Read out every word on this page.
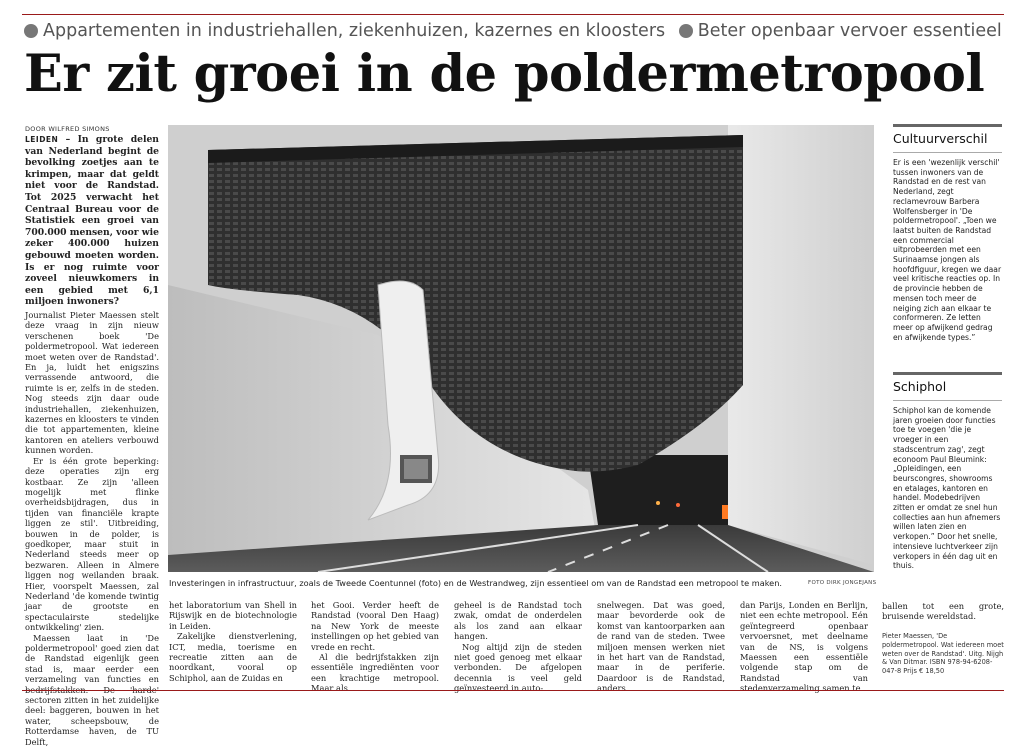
Appartementen in industriehallen, ziekenhuizen, kazernes en kloosters Beter openbaar vervoer essentieel
Er zit groei in de poldermetropool
DOOR WILFRED SIMONS
LEIDEN – In grote delen van Nederland begint de bevolking zoetjes aan te krimpen, maar dat geldt niet voor de Randstad. Tot 2025 verwacht het Centraal Bureau voor de Statistiek een groei van 700.000 mensen, voor wie zeker 400.000 huizen gebouwd moeten worden. Is er nog ruimte voor zoveel nieuwkomers in een gebied met 6,1 miljoen inwoners?

Journalist Pieter Maessen stelt deze vraag in zijn nieuw verschenen boek 'De poldermetropool. Wat iedereen moet weten over de Randstad'. En ja, luidt het enigszins verrassende antwoord, die ruimte is er, zelfs in de steden. Nog steeds zijn daar oude industriehallen, ziekenhuizen, kazernes en kloosters te vinden die tot appartementen, kleine kantoren en ateliers verbouwd kunnen worden.

Er is één grote beperking: deze operaties zijn erg kostbaar. Ze zijn 'alleen mogelijk met flinke overheidsbijdragen, dus in tijden van financiële krapte liggen ze stil'. Uitbreiding, bouwen in de polder, is goedkoper, maar stuit in Nederland steeds meer op bezwaren. Alleen in Almere liggen nog weilanden braak. Hier, voorspelt Maessen, zal Nederland 'de komende twintig jaar de grootste en spectaculairste stedelijke ontwikkeling' zien.

Maessen laat in 'De poldermetropool' goed zien dat de Randstad eigenlijk geen stad is, maar eerder een verzameling van functies en bedrijfstakken. De 'harde' sectoren zitten in het zuidelijke deel: baggeren, bouwen in het water, scheepsbouw, de Rotterdamse haven, de TU Delft,

Investeringen in infrastructuur, zoals de Tweede Coentunnel (foto) en de Westrandweg, zijn essentieel om van de Randstad een metropool te maken.	FOTO DIRK JONGEJANS

het laboratorium van Shell in Rijswijk en de biotechnologie in Leiden.

Zakelijke dienstverlening, ICT, media, toerisme en recreatie zitten aan de noordkant, vooral op Schiphol, aan de Zuidas en

het Gooi. Verder heeft de Randstad (vooral Den Haag) na New York de meeste instellingen op het gebied van vrede en recht.

Al die bedrijfstakken zijn essentiële ingrediënten voor een krachtige metropool. Maar als

geheel is de Randstad toch zwak, omdat de onderdelen als los zand aan elkaar hangen.

Nog altijd zijn de steden niet goed genoeg met elkaar verbonden. De afgelopen decennia is veel geld geïnvesteerd in auto-

snelwegen. Dat was goed, maar bevorderde ook de komst van kantoorparken aan de rand van de steden. Twee miljoen mensen werken niet in het hart van de Randstad, maar in de periferie. Daardoor is de Randstad, anders

dan Parijs, Londen en Berlijn, niet een echte metropool. Eén geïntegreerd openbaar vervoersnet, met deelname van de NS, is volgens Maessen een essentiële volgende stap om de Randstad van stedenverzameling samen te

ballen tot een grote, bruisende wereldstad.

Pieter Maessen, 'De poldermetropool. Wat iedereen moet weten over de Randstad'. Uitg. Nijgh & Van Ditmar. ISBN 978-94-6208-047-8 Prijs € 18,50
Cultuurverschil
Er is een 'wezenlijk verschil' tussen inwoners van de Randstad en de rest van Nederland, zegt reclamevrouw Barbera Wolfensberger in 'De poldermetropool'. „Toen we laatst buiten de Randstad een commercial uitprobeerden met een Surinaamse jongen als hoofdfiguur, kregen we daar veel kritische reacties op. In de provincie hebben de mensen toch meer de neiging zich aan elkaar te conformeren. Ze letten meer op afwijkend gedrag en afwijkende types.”
Schiphol
Schiphol kan de komende jaren groeien door functies toe te voegen 'die je vroeger in een stadscentrum zag', zegt econoom Paul Bleumink: „Opleidingen, een beurscongres, showrooms en etalages, kantoren en handel. Modebedrijven zitten er omdat ze snel hun collecties aan hun afnemers willen laten zien en verkopen.” Door het snelle, intensieve luchtverkeer zijn verkopers in één dag uit en thuis.
